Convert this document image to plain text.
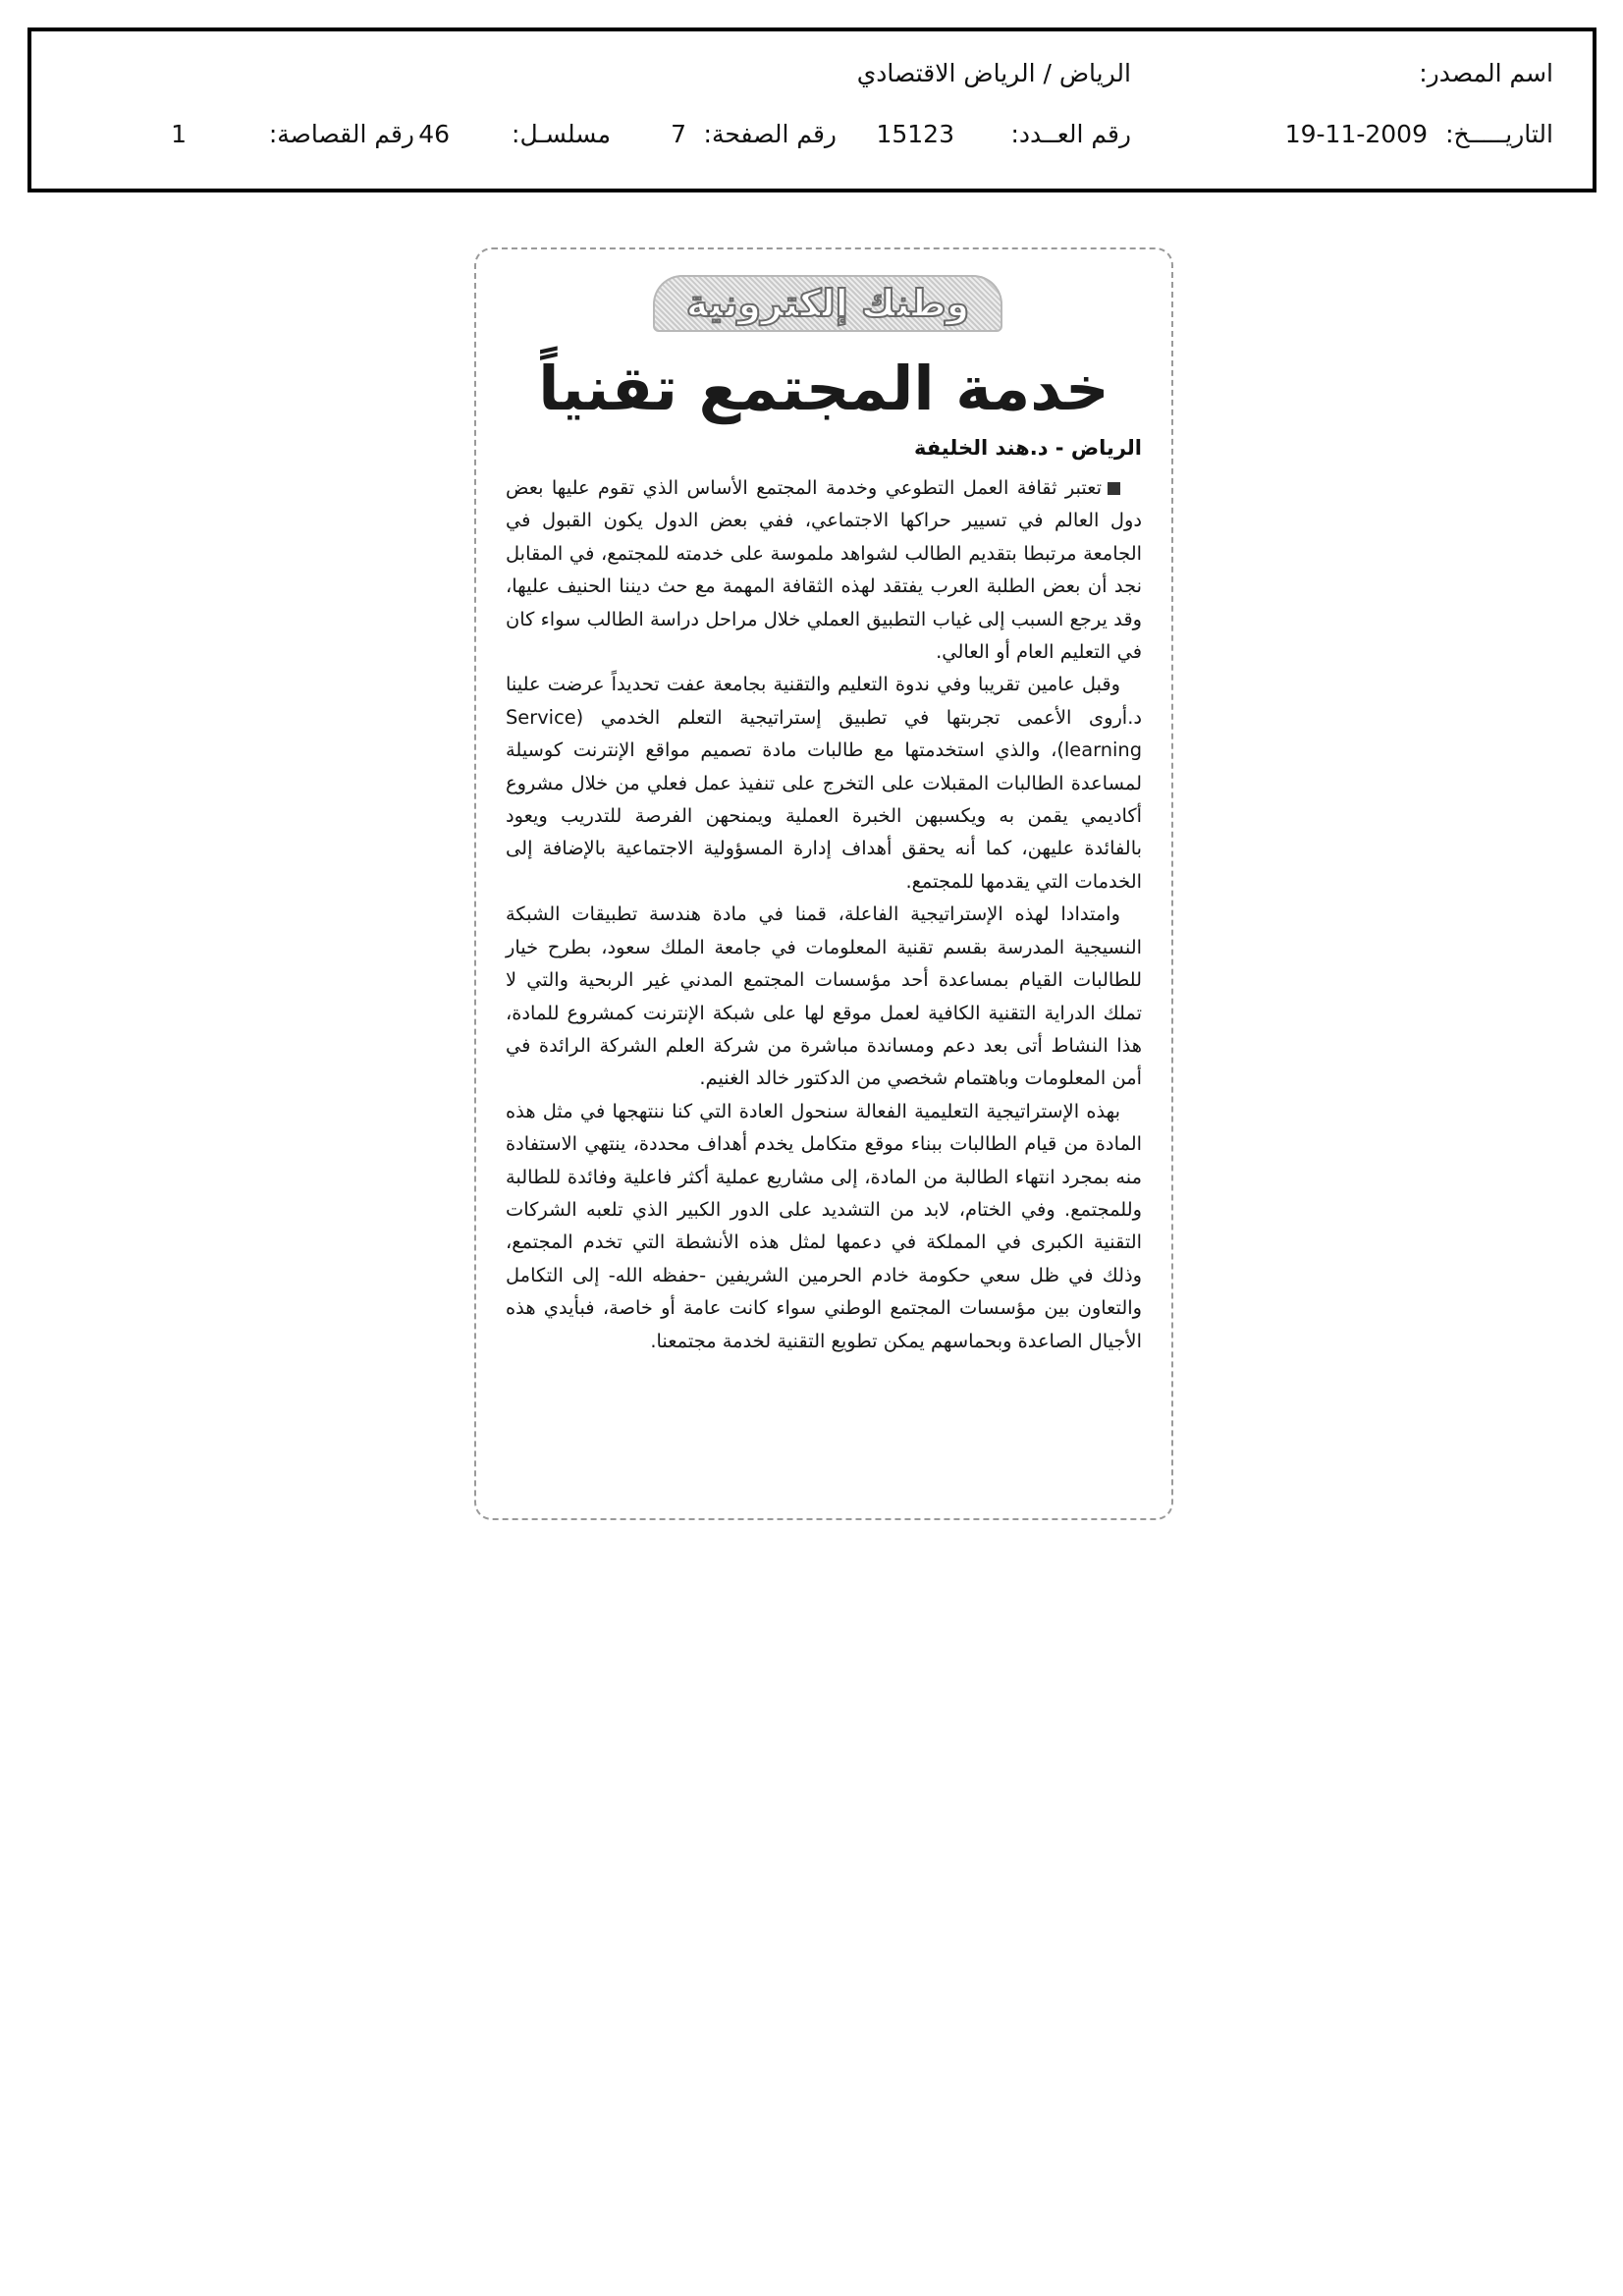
اسم المصدر:
الرياض / الرياض الاقتصادي
التاريـــــخ:
19-11-2009
رقم العــدد:
15123
رقم الصفحة:
7
مسلسـل:
46
رقم القصاصة:
1
وطنك إلكترونية
خدمة المجتمع تقنياً
الرياض - د.هند الخليفة

تعتبر ثقافة العمل التطوعي وخدمة المجتمع الأساس الذي تقوم عليها بعض دول العالم في تسيير حراكها الاجتماعي، ففي بعض الدول يكون القبول في الجامعة مرتبطا بتقديم الطالب لشواهد ملموسة على خدمته للمجتمع، في المقابل نجد أن بعض الطلبة العرب يفتقد لهذه الثقافة المهمة مع حث ديننا الحنيف عليها، وقد يرجع السبب إلى غياب التطبيق العملي خلال مراحل دراسة الطالب سواء كان في التعليم العام أو العالي.

وقبل عامين تقريبا وفي ندوة التعليم والتقنية بجامعة عفت تحديداً عرضت علينا د.أروى الأعمى تجربتها في تطبيق إستراتيجية التعلم الخدمي (Service learning)، والذي استخدمتها مع طالبات مادة تصميم مواقع الإنترنت كوسيلة لمساعدة الطالبات المقبلات على التخرج على تنفيذ عمل فعلي من خلال مشروع أكاديمي يقمن به ويكسبهن الخبرة العملية ويمنحهن الفرصة للتدريب ويعود بالفائدة عليهن، كما أنه يحقق أهداف إدارة المسؤولية الاجتماعية بالإضافة إلى الخدمات التي يقدمها للمجتمع.

وامتدادا لهذه الإستراتيجية الفاعلة، قمنا في مادة هندسة تطبيقات الشبكة النسيجية المدرسة بقسم تقنية المعلومات في جامعة الملك سعود، بطرح خيار للطالبات القيام بمساعدة أحد مؤسسات المجتمع المدني غير الربحية والتي لا تملك الدراية التقنية الكافية لعمل موقع لها على شبكة الإنترنت كمشروع للمادة، هذا النشاط أتى بعد دعم ومساندة مباشرة من شركة العلم الشركة الرائدة في أمن المعلومات وباهتمام شخصي من الدكتور خالد الغنيم.

بهذه الإستراتيجية التعليمية الفعالة سنحول العادة التي كنا ننتهجها في مثل هذه المادة من قيام الطالبات ببناء موقع متكامل يخدم أهداف محددة، ينتهي الاستفادة منه بمجرد انتهاء الطالبة من المادة، إلى مشاريع عملية أكثر فاعلية وفائدة للطالبة وللمجتمع. وفي الختام، لابد من التشديد على الدور الكبير الذي تلعبه الشركات التقنية الكبرى في المملكة في دعمها لمثل هذه الأنشطة التي تخدم المجتمع، وذلك في ظل سعي حكومة خادم الحرمين الشريفين -حفظه الله- إلى التكامل والتعاون بين مؤسسات المجتمع الوطني سواء كانت عامة أو خاصة، فبأيدي هذه الأجيال الصاعدة وبحماسهم يمكن تطويع التقنية لخدمة مجتمعنا.
